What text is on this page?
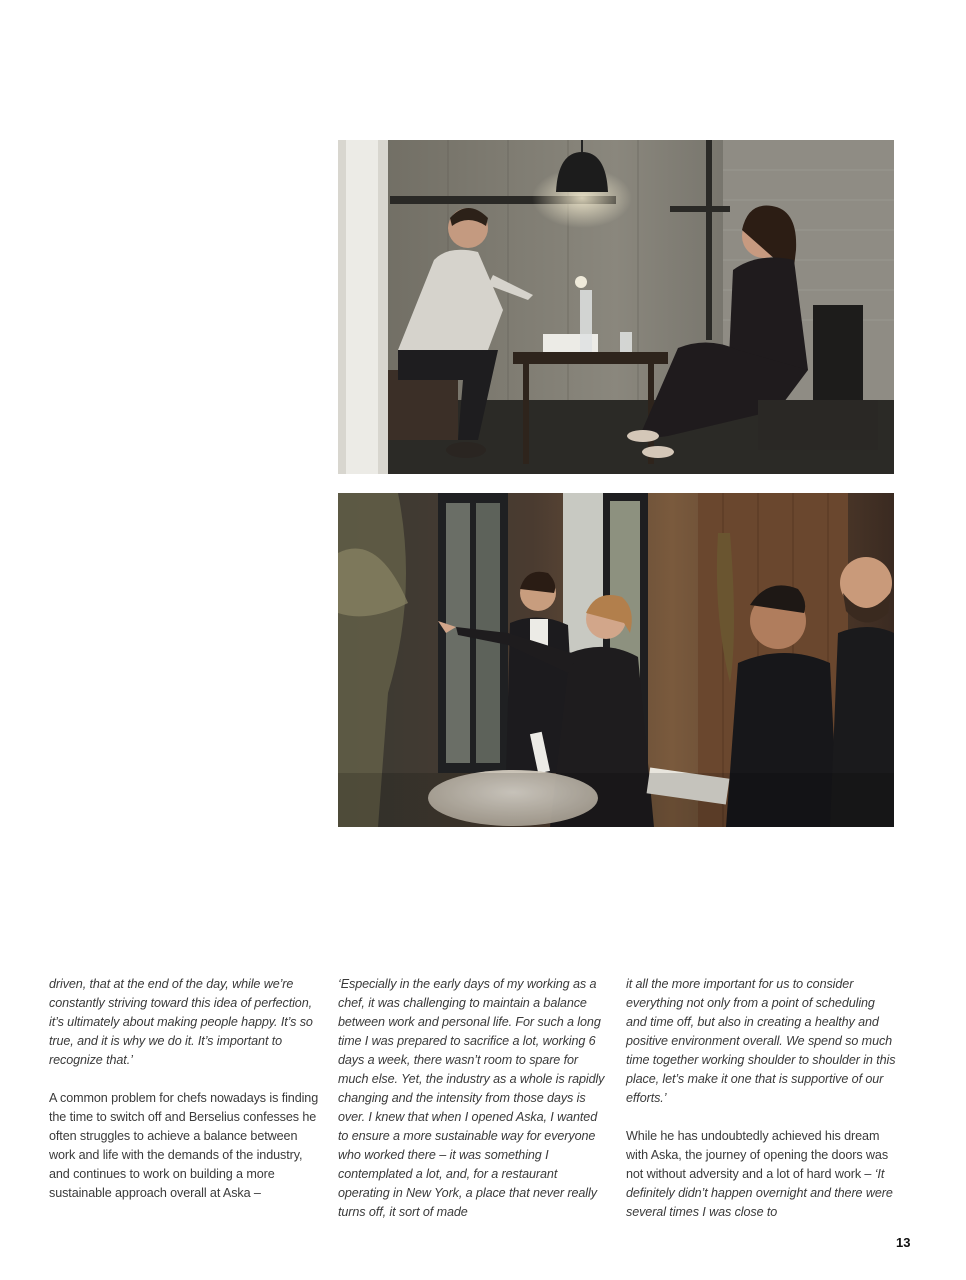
driven, that at the end of the day, while we’re constantly striving toward this idea of perfection, it’s ultimately about making people happy. It’s so true, and it is why we do it. It’s important to recognize that.’

A common problem for chefs nowadays is finding the time to switch off and Berselius confesses he often struggles to achieve a balance between work and life with the demands of the industry, and continues to work on building a more sustainable approach overall at Aska –

‘Especially in the early days of my working as a chef, it was challenging to maintain a balance between work and personal life. For such a long time I was prepared to sacrifice a lot, working 6 days a week, there wasn’t room to spare for much else. Yet, the industry as a whole is rapidly changing and the intensity from those days is over. I knew that when I opened Aska, I wanted to ensure a more sustainable way for everyone who worked there – it was something I contemplated a lot, and, for a restaurant operating in New York, a place that never really turns off, it sort of made

it all the more important for us to consider everything not only from a point of scheduling and time off, but also in creating a healthy and positive environment overall. We spend so much time together working shoulder to shoulder in this place, let’s make it one that is supportive of our efforts.’

While he has undoubtedly achieved his dream with Aska, the journey of opening the doors was not without adversity and a lot of hard work – ‘It definitely didn’t happen overnight and there were several times I was close to

13
